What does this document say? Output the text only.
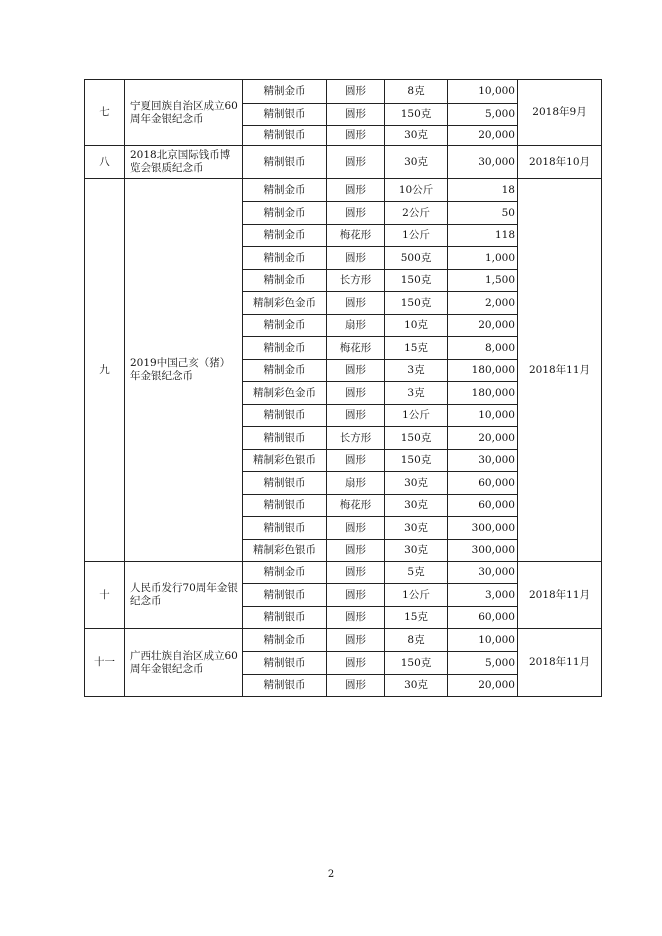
七	宁夏回族自治区成立60周年金银纪念币	精制金币	圆形	8克	10,000	2018年9月
		精制银币	圆形	150克	5,000	
		精制银币	圆形	30克	20,000	
八	2018北京国际钱币博览会银质纪念币	精制银币	圆形	30克	30,000	2018年10月
九	2019中国己亥（猪）年金银纪念币	精制金币	圆形	10公斤	18	2018年11月
		精制金币	圆形	2公斤	50	
		精制金币	梅花形	1公斤	118	
		精制金币	圆形	500克	1,000	
		精制金币	长方形	150克	1,500	
		精制彩色金币	圆形	150克	2,000	
		精制金币	扇形	10克	20,000	
		精制金币	梅花形	15克	8,000	
		精制金币	圆形	3克	180,000	
		精制彩色金币	圆形	3克	180,000	
		精制银币	圆形	1公斤	10,000	
		精制银币	长方形	150克	20,000	
		精制彩色银币	圆形	150克	30,000	
		精制银币	扇形	30克	60,000	
		精制银币	梅花形	30克	60,000	
		精制银币	圆形	30克	300,000	
		精制彩色银币	圆形	30克	300,000	
十	人民币发行70周年金银纪念币	精制金币	圆形	5克	30,000	2018年11月
		精制银币	圆形	1公斤	3,000	
		精制银币	圆形	15克	60,000	
十一	广西壮族自治区成立60周年金银纪念币	精制金币	圆形	8克	10,000	2018年11月
		精制银币	圆形	150克	5,000	
		精制银币	圆形	30克	20,000	
2
